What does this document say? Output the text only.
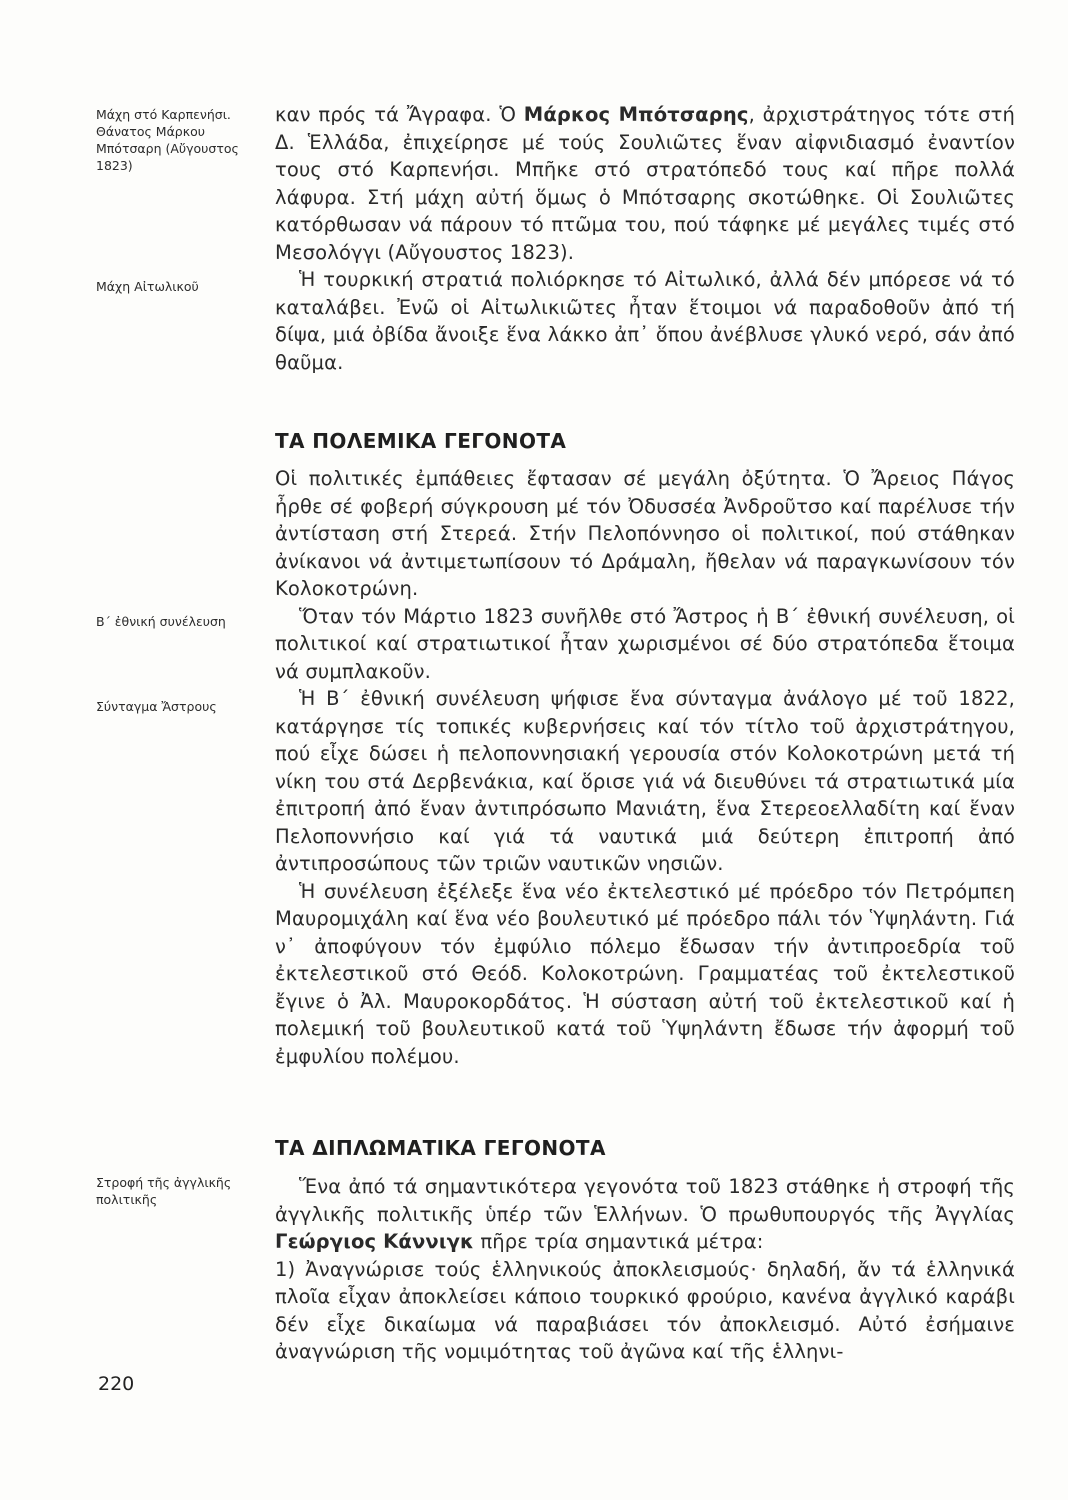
Μάχη στό Καρπενήσι. Θάνατος Μάρκου Μπότσαρη (Αὔγουστος 1823)
Μάχη Αἰτωλικοῦ
Β΄ ἐθνική συνέλευση
Σύνταγμα Ἄστρους
Στροφή τῆς ἀγγλικῆς πολιτικῆς

καν πρός τά Ἄγραφα. Ὁ Μάρκος Μπότσαρης, ἀρχιστράτηγος τότε στή Δ. Ἑλλάδα, ἐπιχείρησε μέ τούς Σουλιῶτες ἕναν αἰφνιδιασμό ἐναντίον τους στό Καρπενήσι. Μπῆκε στό στρατόπεδό τους καί πῆρε πολλά λάφυρα. Στή μάχη αὐτή ὅμως ὁ Μπότσαρης σκοτώθηκε. Οἱ Σουλιῶτες κατόρθωσαν νά πάρουν τό πτῶμα του, πού τάφηκε μέ μεγάλες τιμές στό Μεσολόγγι (Αὔγουστος 1823).

Ἡ τουρκική στρατιά πολιόρκησε τό Αἰτωλικό, ἀλλά δέν μπόρεσε νά τό καταλάβει. Ἐνῶ οἱ Αἰτωλικιῶτες ἦταν ἕτοιμοι νά παραδοθοῦν ἀπό τή δίψα, μιά ὀβίδα ἄνοιξε ἕνα λάκκο ἀπ᾿ ὅπου ἀνέβλυσε γλυκό νερό, σάν ἀπό θαῦμα.

ΤΑ ΠΟΛΕΜΙΚΑ ΓΕΓΟΝΟΤΑ

Οἱ πολιτικές ἐμπάθειες ἔφτασαν σέ μεγάλη ὀξύτητα. Ὁ Ἄρειος Πάγος ἦρθε σέ φοβερή σύγκρουση μέ τόν Ὀδυσσέα Ἀνδροῦτσο καί παρέλυσε τήν ἀντίσταση στή Στερεά. Στήν Πελοπόννησο οἱ πολιτικοί, πού στάθηκαν ἀνίκανοι νά ἀντιμετωπίσουν τό Δράμαλη, ἤθελαν νά παραγκωνίσουν τόν Κολοκοτρώνη.

Ὅταν τόν Μάρτιο 1823 συνῆλθε στό Ἄστρος ἡ Β΄ ἐθνική συνέλευση, οἱ πολιτικοί καί στρατιωτικοί ἦταν χωρισμένοι σέ δύο στρατόπεδα ἕτοιμα νά συμπλακοῦν.

Ἡ Β΄ ἐθνική συνέλευση ψήφισε ἕνα σύνταγμα ἀνάλογο μέ τοῦ 1822, κατάργησε τίς τοπικές κυβερνήσεις καί τόν τίτλο τοῦ ἀρχιστράτηγου, πού εἶχε δώσει ἡ πελοποννησιακή γερουσία στόν Κολοκοτρώνη μετά τή νίκη του στά Δερβενάκια, καί ὅρισε γιά νά διευθύνει τά στρατιωτικά μία ἐπιτροπή ἀπό ἕναν ἀντιπρόσωπο Μανιάτη, ἕνα Στερεοελλαδίτη καί ἕναν Πελοποννήσιο καί γιά τά ναυτικά μιά δεύτερη ἐπιτροπή ἀπό ἀντιπροσώπους τῶν τριῶν ναυτικῶν νησιῶν.

Ἡ συνέλευση ἐξέλεξε ἕνα νέο ἐκτελεστικό μέ πρόεδρο τόν Πετρόμπεη Μαυρομιχάλη καί ἕνα νέο βουλευτικό μέ πρόεδρο πάλι τόν Ὑψηλάντη. Γιά ν᾿ ἀποφύγουν τόν ἐμφύλιο πόλεμο ἔδωσαν τήν ἀντιπροεδρία τοῦ ἐκτελεστικοῦ στό Θεόδ. Κολοκοτρώνη. Γραμματέας τοῦ ἐκτελεστικοῦ ἔγινε ὁ Ἀλ. Μαυροκορδάτος. Ἡ σύσταση αὐτή τοῦ ἐκτελεστικοῦ καί ἡ πολεμική τοῦ βουλευτικοῦ κατά τοῦ Ὑψηλάντη ἔδωσε τήν ἀφορμή τοῦ ἐμφυλίου πολέμου.

ΤΑ ΔΙΠΛΩΜΑΤΙΚΑ ΓΕΓΟΝΟΤΑ

Ἕνα ἀπό τά σημαντικότερα γεγονότα τοῦ 1823 στάθηκε ἡ στροφή τῆς ἀγγλικῆς πολιτικῆς ὑπέρ τῶν Ἑλλήνων. Ὁ πρωθυπουργός τῆς Ἀγγλίας Γεώργιος Κάννιγκ πῆρε τρία σημαντικά μέτρα:

1) Ἀναγνώρισε τούς ἑλληνικούς ἀποκλεισμούς· δηλαδή, ἄν τά ἑλληνικά πλοῖα εἶχαν ἀποκλείσει κάποιο τουρκικό φρούριο, κανένα ἀγγλικό καράβι δέν εἶχε δικαίωμα νά παραβιάσει τόν ἀποκλεισμό. Αὐτό ἐσήμαινε ἀναγνώριση τῆς νομιμότητας τοῦ ἀγῶνα καί τῆς ἑλληνι-

220
